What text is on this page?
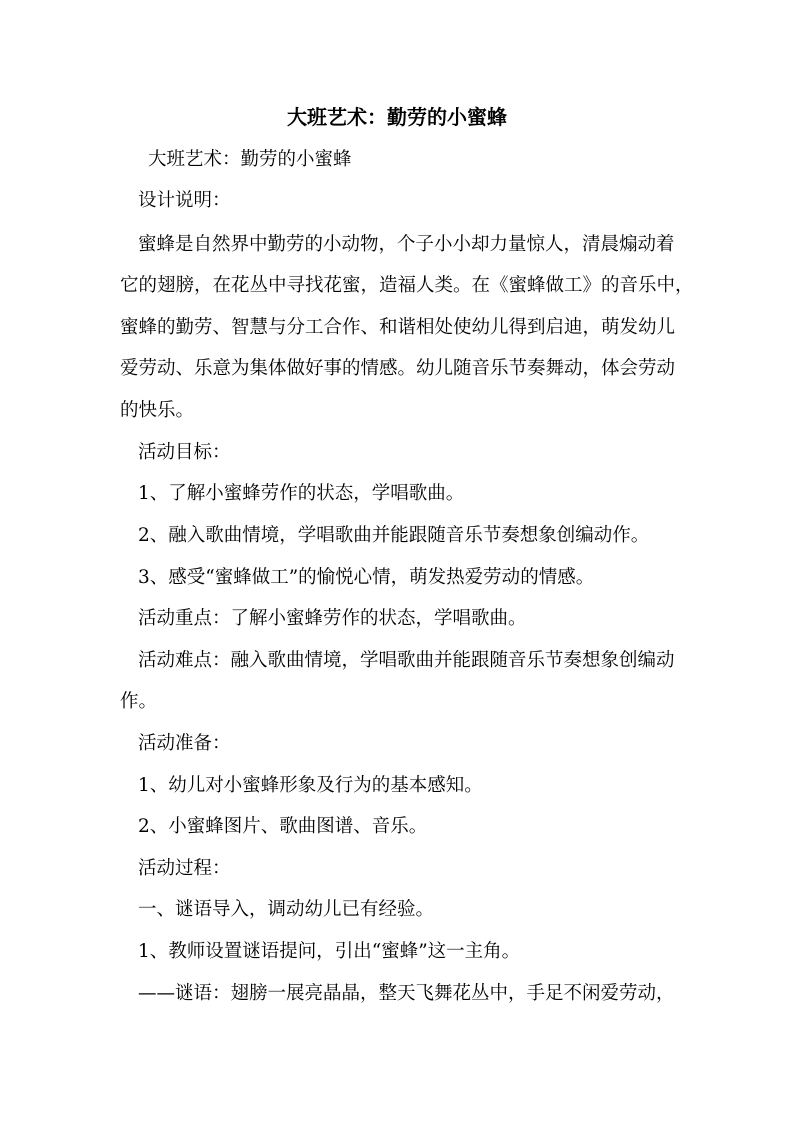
大班艺术：勤劳的小蜜蜂
大班艺术：勤劳的小蜜蜂
设计说明：
蜜蜂是自然界中勤劳的小动物，个子小小却力量惊人，清晨煽动着
它的翅膀，在花丛中寻找花蜜，造福人类。在《蜜蜂做工》的音乐中，
蜜蜂的勤劳、智慧与分工合作、和谐相处使幼儿得到启迪，萌发幼儿
爱劳动、乐意为集体做好事的情感。幼儿随音乐节奏舞动，体会劳动
的快乐。
活动目标：
1、了解小蜜蜂劳作的状态，学唱歌曲。
2、融入歌曲情境，学唱歌曲并能跟随音乐节奏想象创编动作。
3、感受“蜜蜂做工”的愉悦心情，萌发热爱劳动的情感。
活动重点：了解小蜜蜂劳作的状态，学唱歌曲。
活动难点：融入歌曲情境，学唱歌曲并能跟随音乐节奏想象创编动
作。
活动准备：
1、幼儿对小蜜蜂形象及行为的基本感知。
2、小蜜蜂图片、歌曲图谱、音乐。
活动过程：
一、谜语导入，调动幼儿已有经验。
1、教师设置谜语提问，引出“蜜蜂”这一主角。
——谜语：翅膀一展亮晶晶，整天飞舞花丛中，手足不闲爱劳动，
